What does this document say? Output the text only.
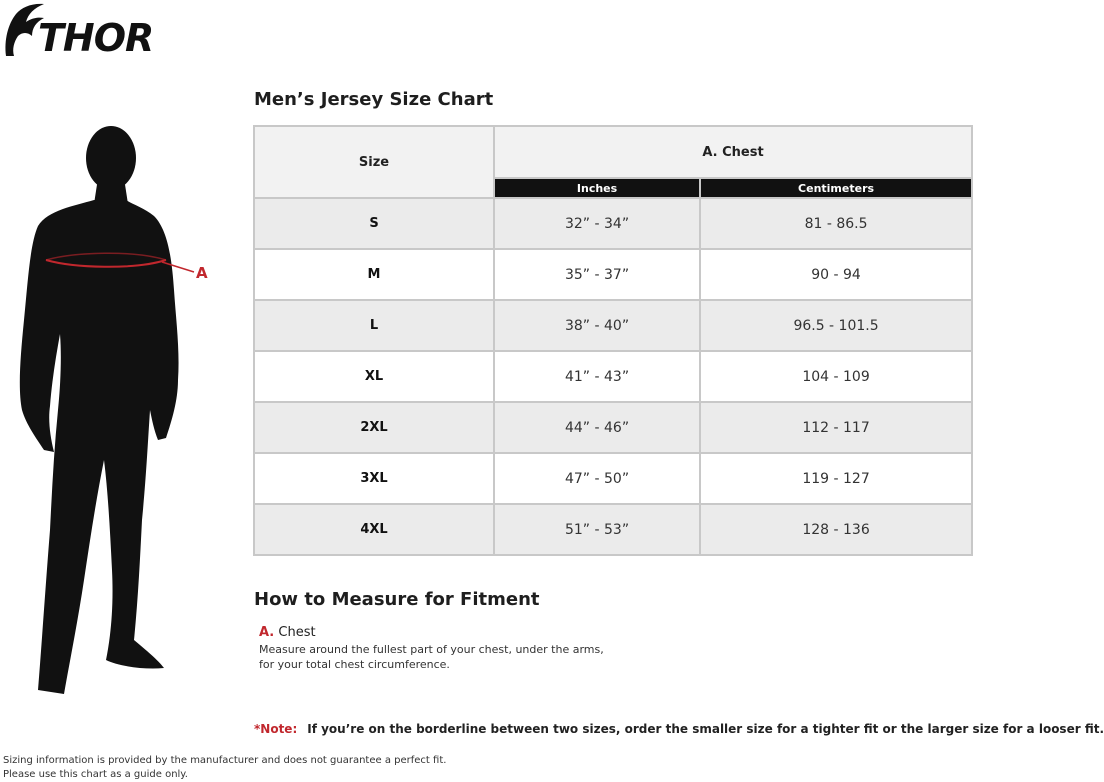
THOR
A
Men’s Jersey Size Chart
Size	A. Chest	
	Inches	Centimeters
S	32” - 34”	81 - 86.5
M	35” - 37”	90 - 94
L	38” - 40”	96.5 - 101.5
XL	41” - 43”	104 - 109
2XL	44” - 46”	112 - 117
3XL	47” - 50”	119 - 127
4XL	51” - 53”	128 - 136
How to Measure for Fitment
A. Chest
Measure around the fullest part of your chest, under the arms, for your total chest circumference.
*Note: If you’re on the borderline between two sizes, order the smaller size for a tighter fit or the larger size for a looser fit.
Sizing information is provided by the manufacturer and does not guarantee a perfect fit.
Please use this chart as a guide only.
